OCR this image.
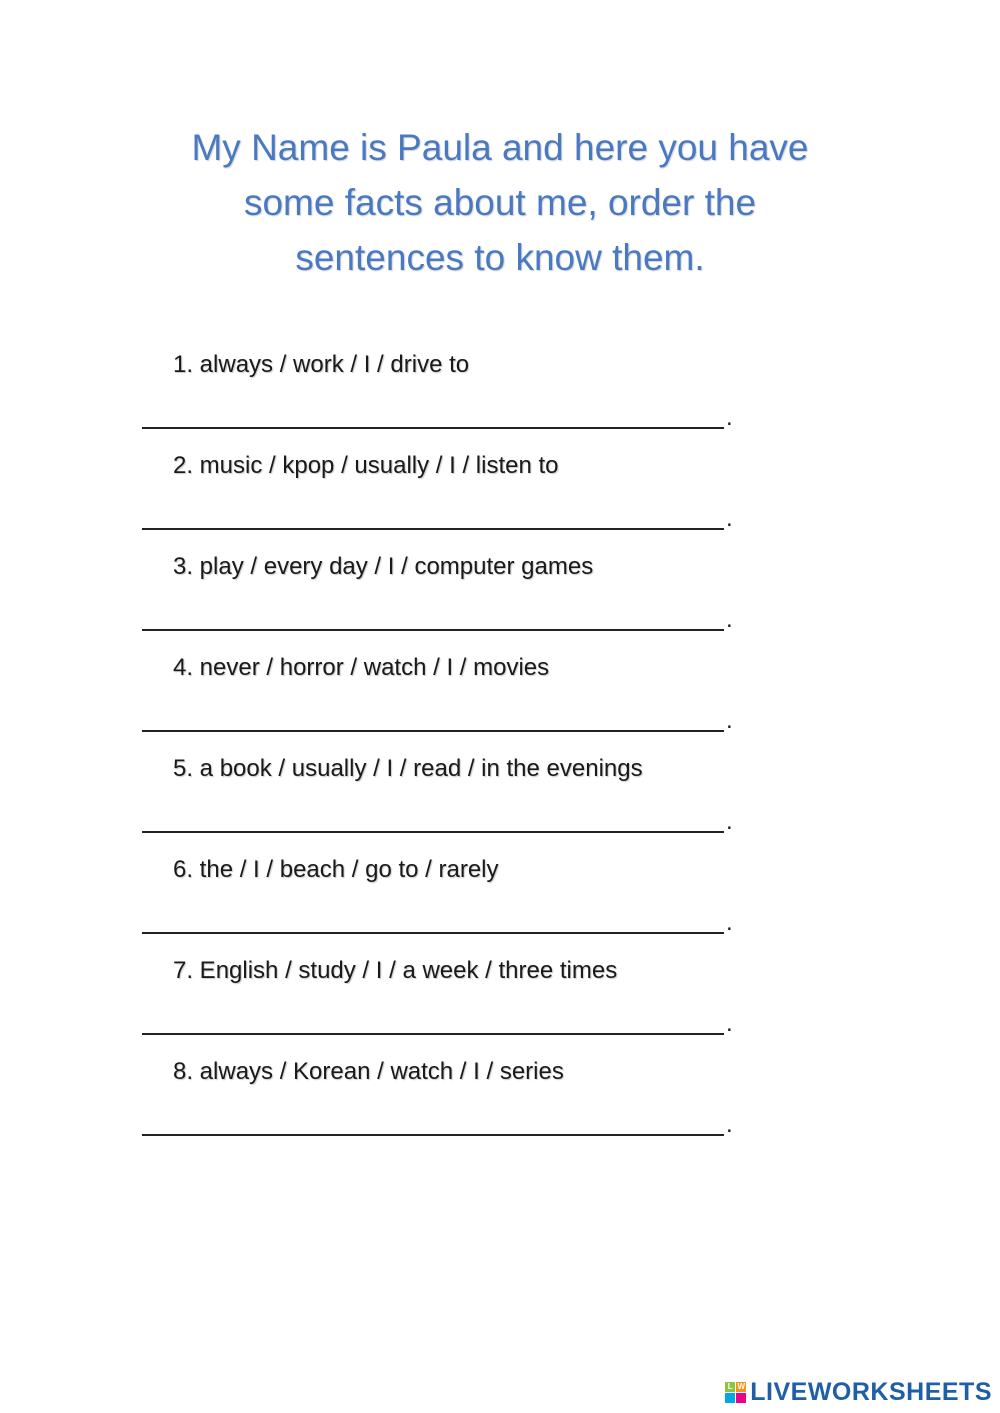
My Name is Paula and here you have
some facts about me, order the
sentences to know them.

1. always / work / I / drive to

.

2. music / kpop / usually / I / listen to

.

3. play / every day / I / computer games

.

4. never / horror / watch / I / movies

.

5. a book / usually / I / read / in the evenings

.

6. the / I / beach / go to / rarely

.

7. English / study / I / a week / three times

.

8. always / Korean / watch / I / series

.
L W LIVEWORKSHEETS
